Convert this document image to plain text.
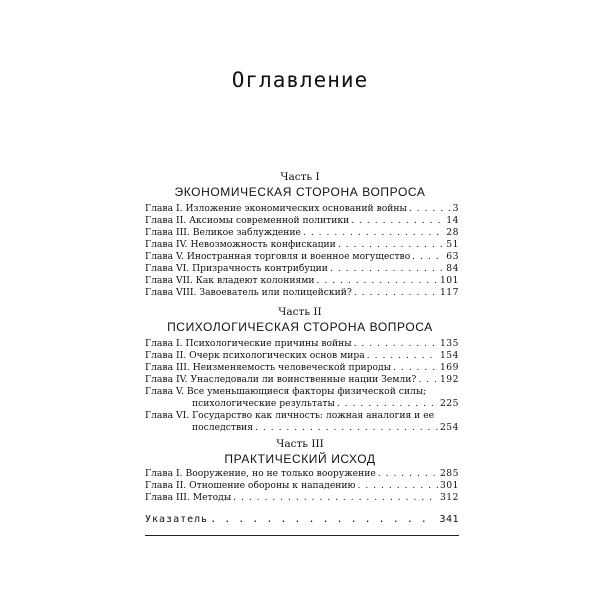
Оглавление
Часть I
ЭКОНОМИЧЕСКАЯ СТОРОНА ВОПРОСА
Глава I. Изложение экономических оснований войны . . .	3
Глава II. Аксиомы современной политики . . .	14
Глава III. Великое заблуждение . . .	28
Глава IV. Невозможность конфискации . . .	51
Глава V. Иностранная торговля и военное могущество . . .	63
Глава VI. Призрачность контрибуции . . .	84
Глава VII. Как владеют колониями . . .	101
Глава VIII. Завоеватель или полицейский? . . .	117
Часть II
ПСИХОЛОГИЧЕСКАЯ СТОРОНА ВОПРОСА
Глава I. Психологические причины войны . . .	135
Глава II. Очерк психологических основ мира . . .	154
Глава III. Неизменяемость человеческой природы . . .	169
Глава IV. Унаследовали ли воинственные нации Земли? . . .	192
Глава V. Все уменьшающиеся факторы физической силы;
психологические результаты . . .	225
Глава VI. Государство как личность: ложная аналогия и ее
последствия . . .	254
Часть III
ПРАКТИЧЕСКИЙ ИСХОД
Глава I. Вооружение, но не только вооружение . . .	285
Глава II. Отношение обороны к нападению . . .	301
Глава III. Методы . . .	312
Указатель . . .	341
